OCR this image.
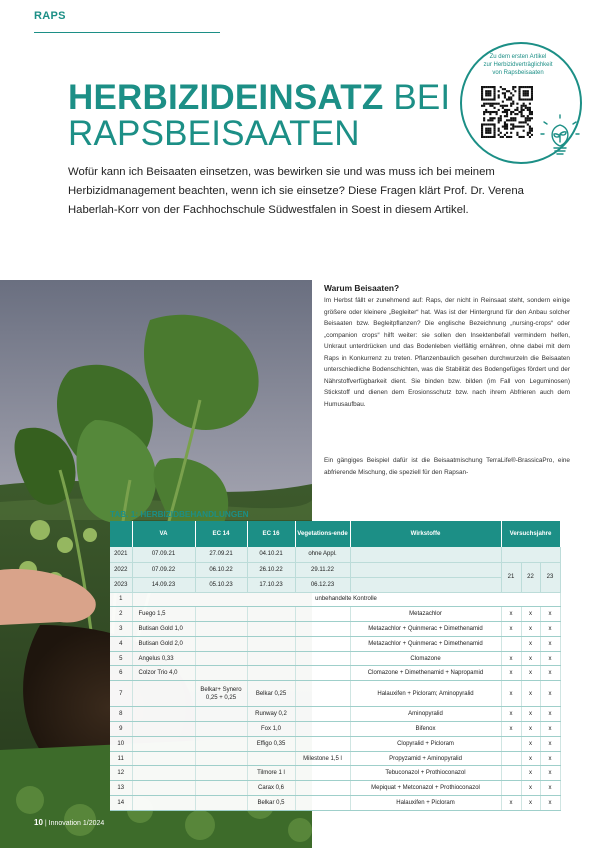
RAPS
HERBIZIDEINSATZ BEI
RAPSBEISAATEN
Zu dem ersten Artikel
zur Herbizidverträglichkeit
von Rapsbeisaaten

Wofür kann ich Beisaaten einsetzen, was bewirken sie und was muss ich bei meinem Herbizidmanagement beachten, wenn ich sie einsetze? Diese Fragen klärt Prof. Dr. Verena Haberlah-Korr von der Fachhochschule Südwestfalen in Soest in diesem Artikel.

Warum Beisaaten?

Im Herbst fällt er zunehmend auf: Raps, der nicht in Reinsaat steht, sondern einige größere oder kleinere „Begleiter“ hat. Was ist der Hintergrund für den Anbau solcher Beisaaten bzw. Begleitpflanzen? Die englische Bezeichnung „nursing-crops“ oder „companion crops“ hilft weiter: sie sollen den Insektenbefall vermindern helfen, Unkraut unterdrücken und das Bodenleben vielfältig ernähren, ohne dabei mit dem Raps in Konkurrenz zu treten. Pflanzenbaulich gesehen durchwurzeln die Beisaaten unterschiedliche Bodenschichten, was die Stabilität des Bodengefüges fördert und der Nährstoffverfügbarkeit dient. Sie binden bzw. bilden (im Fall von Leguminosen) Stickstoff und dienen dem Erosionsschutz bzw. nach ihrem Abfrieren auch dem Humusaufbau.

Ein gängiges Beispiel dafür ist die Beisaatmischung TerraLife®-BrassicaPro, eine abfrierende Mischung, die speziell für den Rapsan-

TAB. 1: HERBIZIDBEHANDLUNGEN
	VA	EC 14	EC 16	Vegetations-ende	Wirkstoffe	Versuchsjahre		
2021	07.09.21	27.09.21	04.10.21	ohne Appl.				
2022	07.09.22	06.10.22	26.10.22	29.11.22		21	22	23
2023	14.09.23	05.10.23	17.10.23	06.12.23				
1	unbehandelte Kontrolle							
2	Fuego 1,5				Metazachlor	x	x	x
3	Butisan Gold 1,0				Metazachlor + Quinmerac + Dimethenamid	x	x	x
4	Butisan Gold 2,0				Metazachlor + Quinmerac + Dimethenamid		x	x
5	Angelus 0,33				Clomazone	x	x	x
6	Colzor Trio 4,0				Clomazone + Dimethenamid + Napropamid	x	x	x
7		Belkar+ Synero 0,25 + 0,25	Belkar 0,25		Halauxifen + Picloram; Aminopyralid	x	x	x
8			Runway 0,2		Aminopyralid	x	x	x
9			Fox 1,0		Bifenox	x	x	x
10			Effigo 0,35		Clopyralid + Picloram		x	x
11				Milestone 1,5 l	Propyzamid + Aminopyralid		x	x
12			Tilmore 1 l		Tebuconazol + Prothioconazol		x	x
13			Carax 0,6		Mepiquat + Metconazol + Prothioconazol		x	x
14			Belkar 0,5		Halauxifen + Picloram	x	x	x
10 | Innovation 1/2024
